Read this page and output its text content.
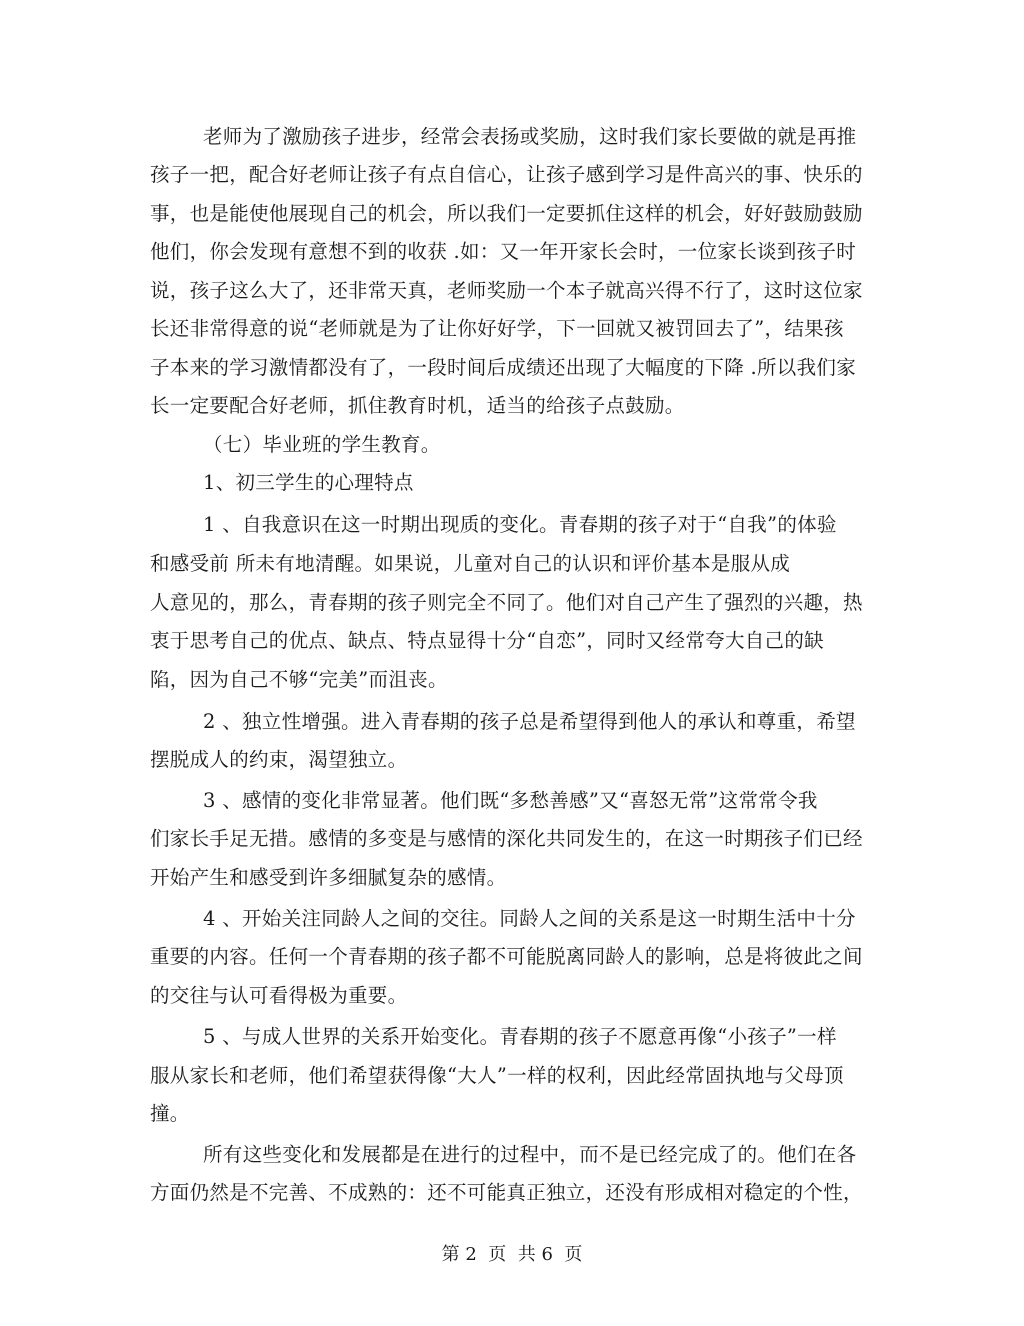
老师为了激励孩子进步，经常会表扬或奖励，这时我们家长要做的就是再推
孩子一把，配合好老师让孩子有点自信心，让孩子感到学习是件高兴的事、快乐的
事，也是能使他展现自己的机会，所以我们一定要抓住这样的机会，好好鼓励鼓励
他们，你会发现有意想不到的收获 .如：又一年开家长会时，一位家长谈到孩子时
说，孩子这么大了，还非常天真，老师奖励一个本子就高兴得不行了，这时这位家
长还非常得意的说“老师就是为了让你好好学，下一回就又被罚回去了”，结果孩
子本来的学习激情都没有了，一段时间后成绩还出现了大幅度的下降 .所以我们家
长一定要配合好老师，抓住教育时机，适当的给孩子点鼓励。
（七）毕业班的学生教育。
1、初三学生的心理特点
1 、自我意识在这一时期出现质的变化。青春期的孩子对于“自我”的体验
和感受前 所未有地清醒。如果说，儿童对自己的认识和评价基本是服从成
人意见的，那么，青春期的孩子则完全不同了。他们对自己产生了强烈的兴趣，热
衷于思考自己的优点、缺点、特点显得十分“自恋”，同时又经常夸大自己的缺
陷，因为自己不够“完美”而沮丧。
2 、独立性增强。进入青春期的孩子总是希望得到他人的承认和尊重，希望
摆脱成人的约束，渴望独立。
3 、感情的变化非常显著。他们既“多愁善感”又“喜怒无常”这常常令我
们家长手足无措。感情的多变是与感情的深化共同发生的，在这一时期孩子们已经
开始产生和感受到许多细腻复杂的感情。
4 、开始关注同龄人之间的交往。同龄人之间的关系是这一时期生活中十分
重要的内容。任何一个青春期的孩子都不可能脱离同龄人的影响，总是将彼此之间
的交往与认可看得极为重要。
5 、与成人世界的关系开始变化。青春期的孩子不愿意再像“小孩子”一样
服从家长和老师，他们希望获得像“大人”一样的权利，因此经常固执地与父母顶
撞。
所有这些变化和发展都是在进行的过程中，而不是已经完成了的。他们在各
方面仍然是不完善、不成熟的：还不可能真正独立，还没有形成相对稳定的个性，
第 2  页  共 6  页
